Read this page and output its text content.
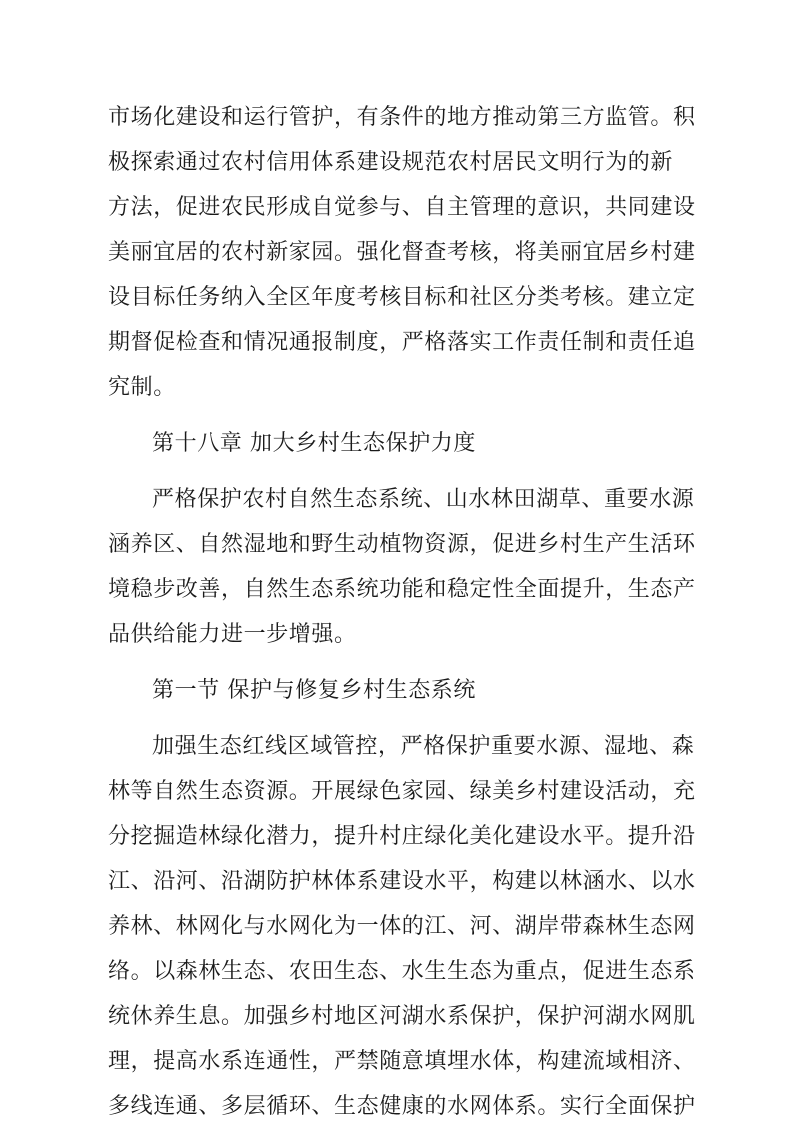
市场化建设和运行管护，有条件的地方推动第三方监管。积
极探索通过农村信用体系建设规范农村居民文明行为的新
方法，促进农民形成自觉参与、自主管理的意识，共同建设
美丽宜居的农村新家园。强化督查考核，将美丽宜居乡村建
设目标任务纳入全区年度考核目标和社区分类考核。建立定
期督促检查和情况通报制度，严格落实工作责任制和责任追
究制。
第十八章 加大乡村生态保护力度
严格保护农村自然生态系统、山水林田湖草、重要水源
涵养区、自然湿地和野生动植物资源，促进乡村生产生活环
境稳步改善，自然生态系统功能和稳定性全面提升，生态产
品供给能力进一步增强。
第一节 保护与修复乡村生态系统
加强生态红线区域管控，严格保护重要水源、湿地、森
林等自然生态资源。开展绿色家园、绿美乡村建设活动，充
分挖掘造林绿化潜力，提升村庄绿化美化建设水平。提升沿
江、沿河、沿湖防护林体系建设水平，构建以林涵水、以水
养林、林网化与水网化为一体的江、河、湖岸带森林生态网
络。以森林生态、农田生态、水生生态为重点，促进生态系
统休养生息。加强乡村地区河湖水系保护，保护河湖水网肌
理，提高水系连通性，严禁随意填埋水体，构建流域相济、
多线连通、多层循环、生态健康的水网体系。实行全面保护
